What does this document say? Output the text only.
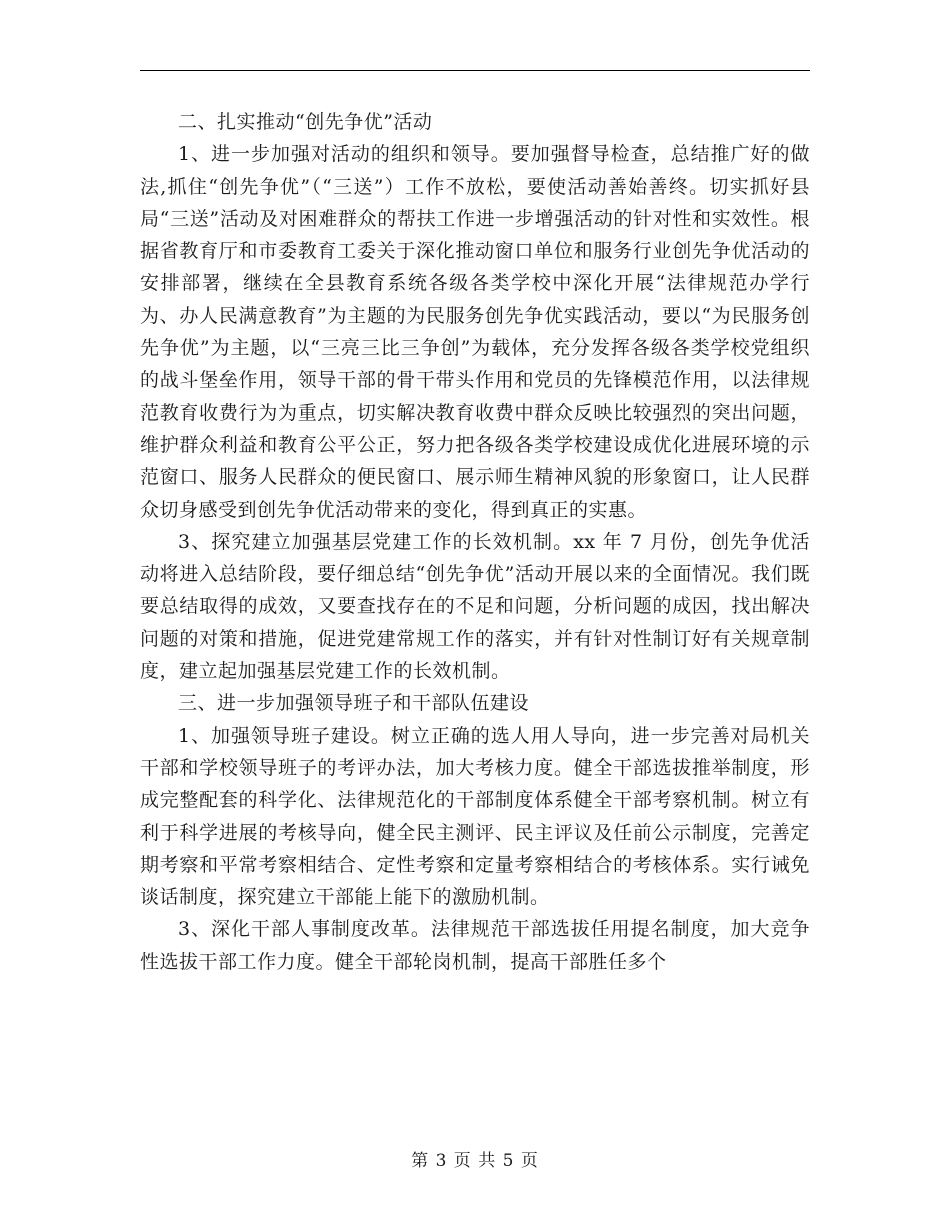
二、扎实推动“创先争优”活动

1、进一步加强对活动的组织和领导。要加强督导检查，总结推广好的做法,抓住“创先争优”（“三送”）工作不放松，要使活动善始善终。切实抓好县局“三送”活动及对困难群众的帮扶工作进一步增强活动的针对性和实效性。根据省教育厅和市委教育工委关于深化推动窗口单位和服务行业创先争优活动的安排部署，继续在全县教育系统各级各类学校中深化开展“法律规范办学行为、办人民满意教育”为主题的为民服务创先争优实践活动，要以“为民服务创先争优”为主题，以“三亮三比三争创”为载体，充分发挥各级各类学校党组织的战斗堡垒作用，领导干部的骨干带头作用和党员的先锋模范作用，以法律规范教育收费行为为重点，切实解决教育收费中群众反映比较强烈的突出问题，维护群众利益和教育公平公正，努力把各级各类学校建设成优化进展环境的示范窗口、服务人民群众的便民窗口、展示师生精神风貌的形象窗口，让人民群众切身感受到创先争优活动带来的变化，得到真正的实惠。

3、探究建立加强基层党建工作的长效机制。xx 年 7 月份，创先争优活动将进入总结阶段，要仔细总结“创先争优”活动开展以来的全面情况。我们既要总结取得的成效，又要查找存在的不足和问题，分析问题的成因，找出解决问题的对策和措施，促进党建常规工作的落实，并有针对性制订好有关规章制度，建立起加强基层党建工作的长效机制。

三、进一步加强领导班子和干部队伍建设

1、加强领导班子建设。树立正确的选人用人导向，进一步完善对局机关干部和学校领导班子的考评办法，加大考核力度。健全干部选拔推举制度，形成完整配套的科学化、法律规范化的干部制度体系健全干部考察机制。树立有利于科学进展的考核导向，健全民主测评、民主评议及任前公示制度，完善定期考察和平常考察相结合、定性考察和定量考察相结合的考核体系。实行诫免谈话制度，探究建立干部能上能下的激励机制。

3、深化干部人事制度改革。法律规范干部选拔任用提名制度，加大竞争性选拔干部工作力度。健全干部轮岗机制，提高干部胜任多个

第 3 页 共 5 页
